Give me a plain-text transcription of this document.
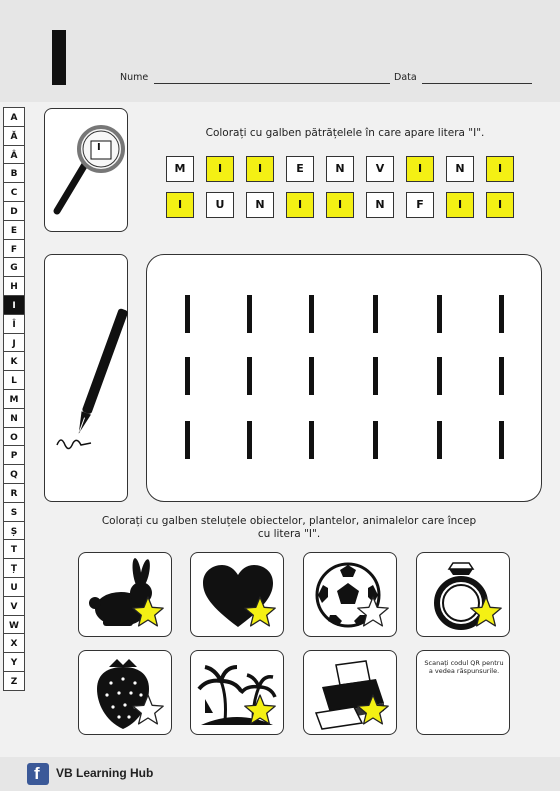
Nume	Data
A
Ă
Â
B
C
D
E
F
G
H
I
Î
J
K
L
M
N
O
P
Q
R
S
Ș
T
Ț
U
V
W
X
Y
Z
I
Colorați cu galben pătrățelele în care apare litera "I".
M	I	I	E	N	V	I	N	I
I	U	N	I	I	N	F	I	I
Colorați cu galben steluțele obiectelor, plantelor, animalelor care încep
cu litera "I".
Scanați codul QR pentru a vedea răspunsurile.
f VB Learning Hub
